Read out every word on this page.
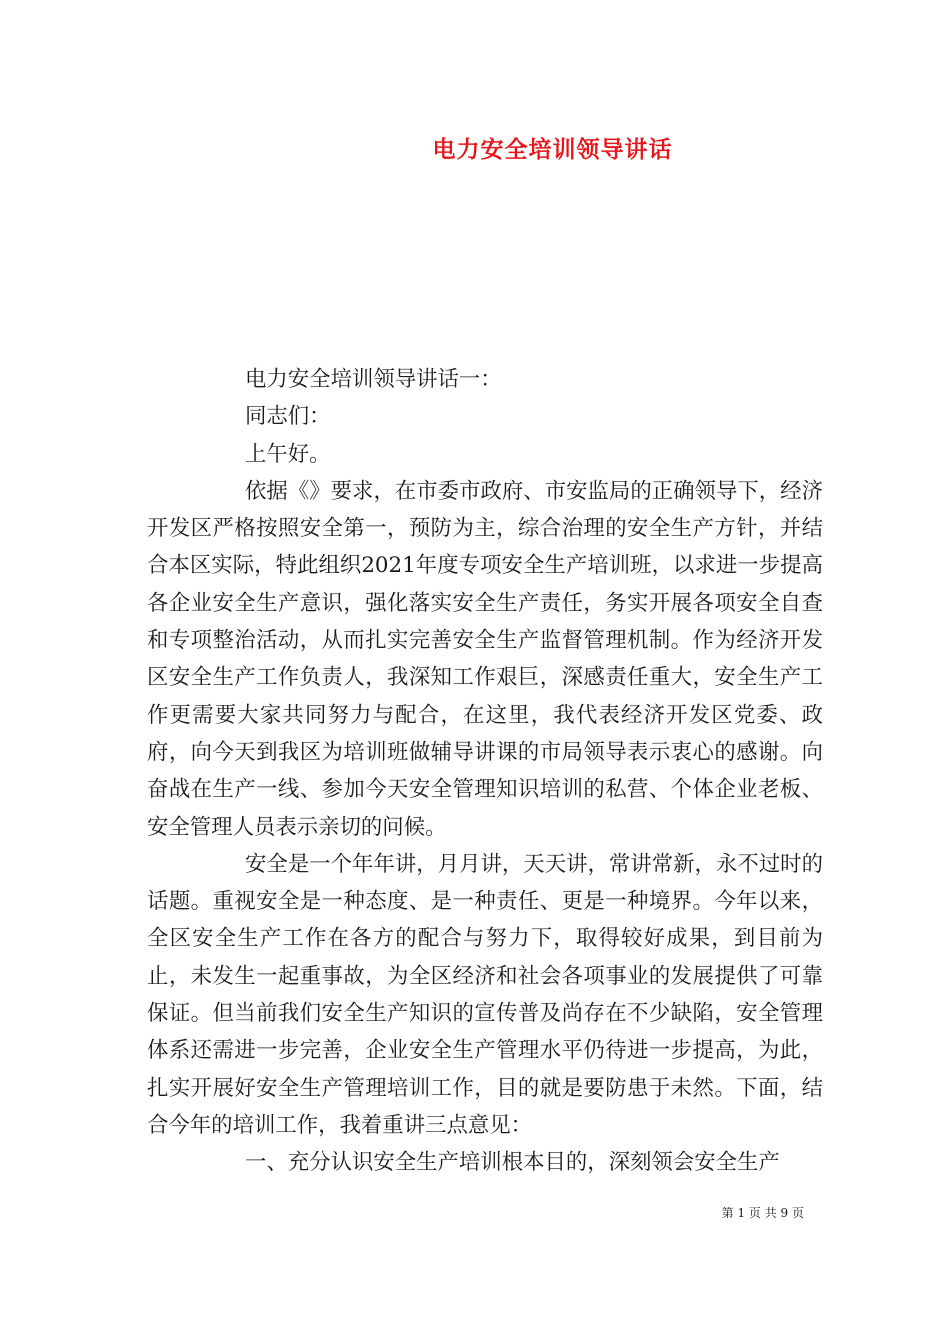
电力安全培训领导讲话

电力安全培训领导讲话一：

同志们：

上午好。

依据《》要求，在市委市政府、市安监局的正确领导下，经济开发区严格按照安全第一，预防为主，综合治理的安全生产方针，并结合本区实际，特此组织2021年度专项安全生产培训班，以求进一步提高各企业安全生产意识，强化落实安全生产责任，务实开展各项安全自查和专项整治活动，从而扎实完善安全生产监督管理机制。作为经济开发区安全生产工作负责人，我深知工作艰巨，深感责任重大，安全生产工作更需要大家共同努力与配合，在这里，我代表经济开发区党委、政府，向今天到我区为培训班做辅导讲课的市局领导表示衷心的感谢。向奋战在生产一线、参加今天安全管理知识培训的私营、个体企业老板、安全管理人员表示亲切的问候。

安全是一个年年讲，月月讲，天天讲，常讲常新，永不过时的话题。重视安全是一种态度、是一种责任、更是一种境界。今年以来，全区安全生产工作在各方的配合与努力下，取得较好成果，到目前为止，未发生一起重事故，为全区经济和社会各项事业的发展提供了可靠保证。但当前我们安全生产知识的宣传普及尚存在不少缺陷，安全管理体系还需进一步完善，企业安全生产管理水平仍待进一步提高，为此，扎实开展好安全生产管理培训工作，目的就是要防患于未然。下面，结合今年的培训工作，我着重讲三点意见：

一、充分认识安全生产培训根本目的，深刻领会安全生产

第 1 页 共 9 页
